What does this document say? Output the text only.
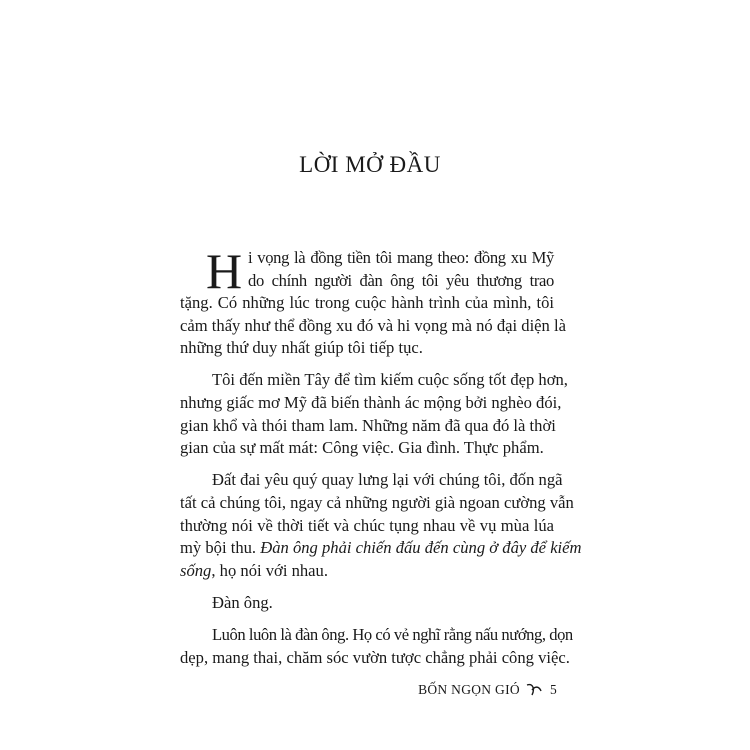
LỜI MỞ ĐẦU
H i vọng là đồng tiền tôi mang theo: đồng xu Mỹ
do chính người đàn ông tôi yêu thương trao
tặng. Có những lúc trong cuộc hành trình của mình, tôi
cảm thấy như thể đồng xu đó và hi vọng mà nó đại diện là
những thứ duy nhất giúp tôi tiếp tục.
Tôi đến miền Tây để tìm kiếm cuộc sống tốt đẹp hơn,
nhưng giấc mơ Mỹ đã biến thành ác mộng bởi nghèo đói,
gian khổ và thói tham lam. Những năm đã qua đó là thời
gian của sự mất mát: Công việc. Gia đình. Thực phẩm.
Đất đai yêu quý quay lưng lại với chúng tôi, đốn ngã
tất cả chúng tôi, ngay cả những người già ngoan cường vẫn
thường nói về thời tiết và chúc tụng nhau về vụ mùa lúa
mỳ bội thu. Đàn ông phải chiến đấu đến cùng ở đây để kiếm
sống, họ nói với nhau.
Đàn ông.
Luôn luôn là đàn ông. Họ có vẻ nghĩ rằng nấu nướng, dọn
dẹp, mang thai, chăm sóc vườn tược chẳng phải công việc.
BỐN NGỌN GIÓ 5
